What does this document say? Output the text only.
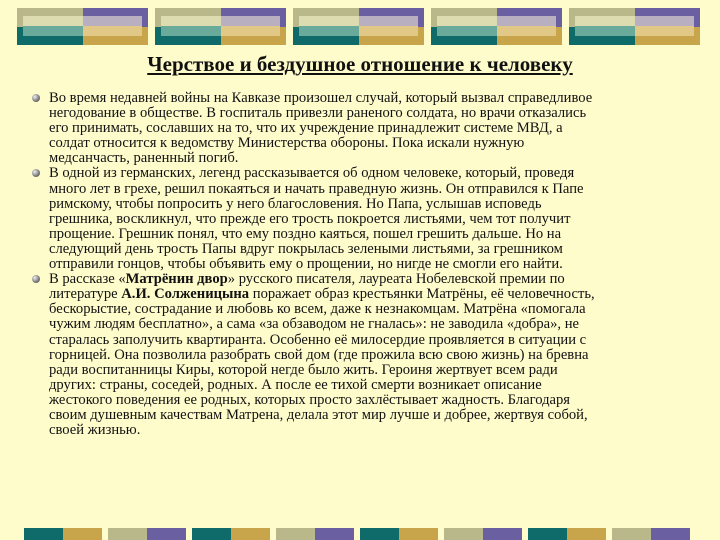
Черствое и бездушное отношение к человеку
Во время недавней войны на Кавказе произошел случай, который вызвал справедливое
негодование в обществе. В госпиталь привезли раненого солдата, но врачи отказались
его принимать, сославших на то, что их учреждение принадлежит системе МВД, а
солдат относится к ведомству Министерства обороны. Пока искали нужную
медсанчасть, раненный погиб.
В одной из германских, легенд рассказывается об одном человеке, который, проведя
много лет в грехе, решил покаяться и начать праведную жизнь. Он отправился к Папе
римскому, чтобы попросить у него благословения. Но Папа, услышав исповедь
грешника, воскликнул, что прежде его трость покроется листьями, чем тот получит
прощение. Грешник понял, что ему поздно каяться, пошел грешить дальше. Но на
следующий день трость Папы вдруг покрылась зелеными листьями, за грешником
отправили гонцов, чтобы объявить ему о прощении, но нигде не смогли его найти.
В рассказе «Матрёнин двор» русского писателя, лауреата Нобелевской премии по
литературе А.И. Солженицына поражает образ крестьянки Матрёны, её человечность,
бескорыстие, сострадание и любовь ко всем, даже к незнакомцам. Матрёна «помогала
чужим людям бесплатно», а сама «за обзаводом не гналась»: не заводила «добра», не
старалась заполучить квартиранта. Особенно её милосердие проявляется в ситуации с
горницей. Она позволила разобрать свой дом (где прожила всю свою жизнь) на бревна
ради воспитанницы Киры, которой негде было жить. Героиня жертвует всем ради
других: страны, соседей, родных. А после ее тихой смерти возникает описание
жестокого поведения ее родных, которых просто захлёстывает жадность. Благодаря
своим душевным качествам Матрена, делала этот мир лучше и добрее, жертвуя собой,
своей жизнью.
